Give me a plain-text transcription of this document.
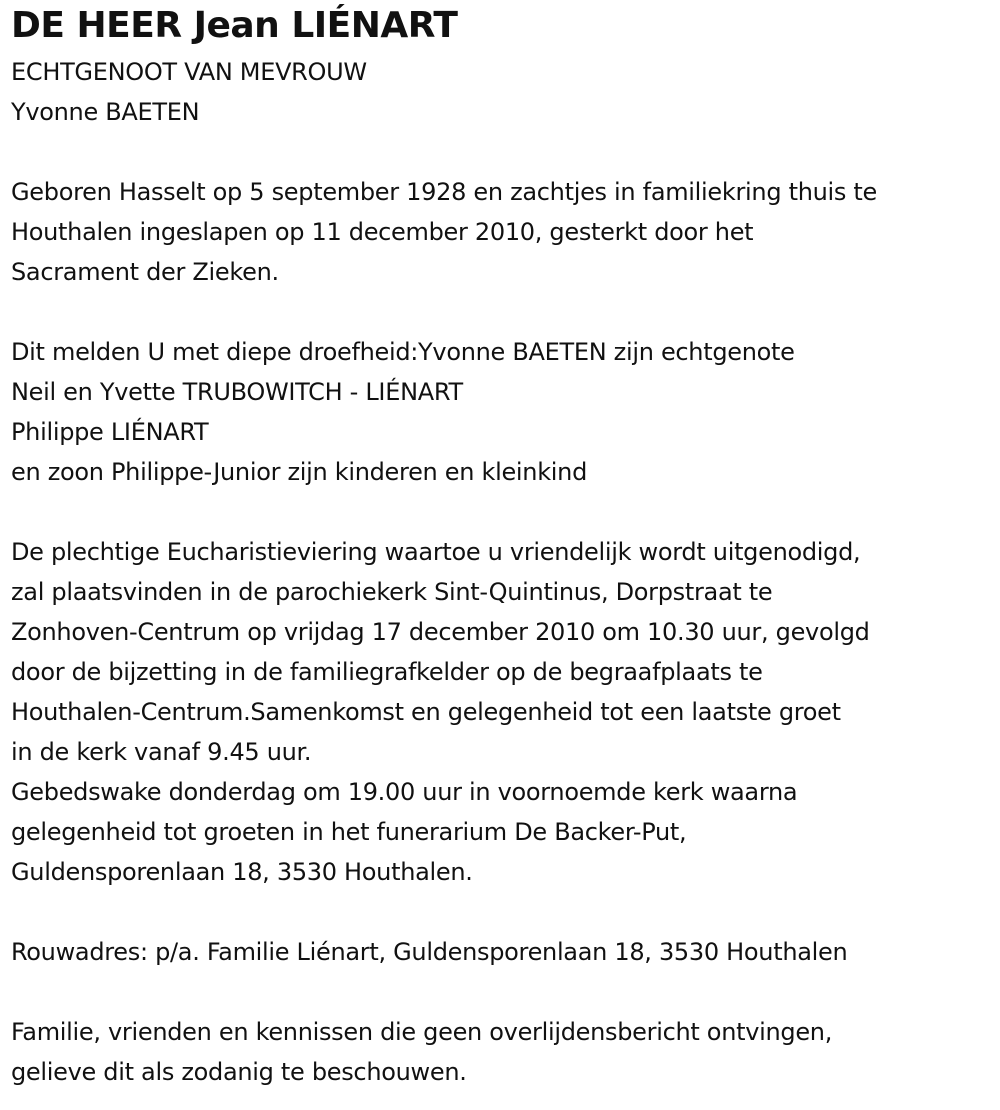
DE HEER Jean LIÉNART

ECHTGENOOT VAN MEVROUW

Yvonne BAETEN

Geboren Hasselt op 5 september 1928 en zachtjes in familiekring thuis te

Houthalen ingeslapen op 11 december 2010, gesterkt door het

Sacrament der Zieken.

Dit melden U met diepe droefheid:Yvonne BAETEN zijn echtgenote

Neil en Yvette TRUBOWITCH - LIÉNART

Philippe LIÉNART

en zoon Philippe-Junior zijn kinderen en kleinkind

De plechtige Eucharistieviering waartoe u vriendelijk wordt uitgenodigd,

zal plaatsvinden in de parochiekerk Sint-Quintinus, Dorpstraat te

Zonhoven-Centrum op vrijdag 17 december 2010 om 10.30 uur, gevolgd

door de bijzetting in de familiegrafkelder op de begraafplaats te

Houthalen-Centrum.Samenkomst en gelegenheid tot een laatste groet

in de kerk vanaf 9.45 uur.

Gebedswake donderdag om 19.00 uur in voornoemde kerk waarna

gelegenheid tot groeten in het funerarium De Backer-Put,

Guldensporenlaan 18, 3530 Houthalen.

Rouwadres: p/a. Familie Liénart, Guldensporenlaan 18, 3530 Houthalen

Familie, vrienden en kennissen die geen overlijdensbericht ontvingen,

gelieve dit als zodanig te beschouwen.
